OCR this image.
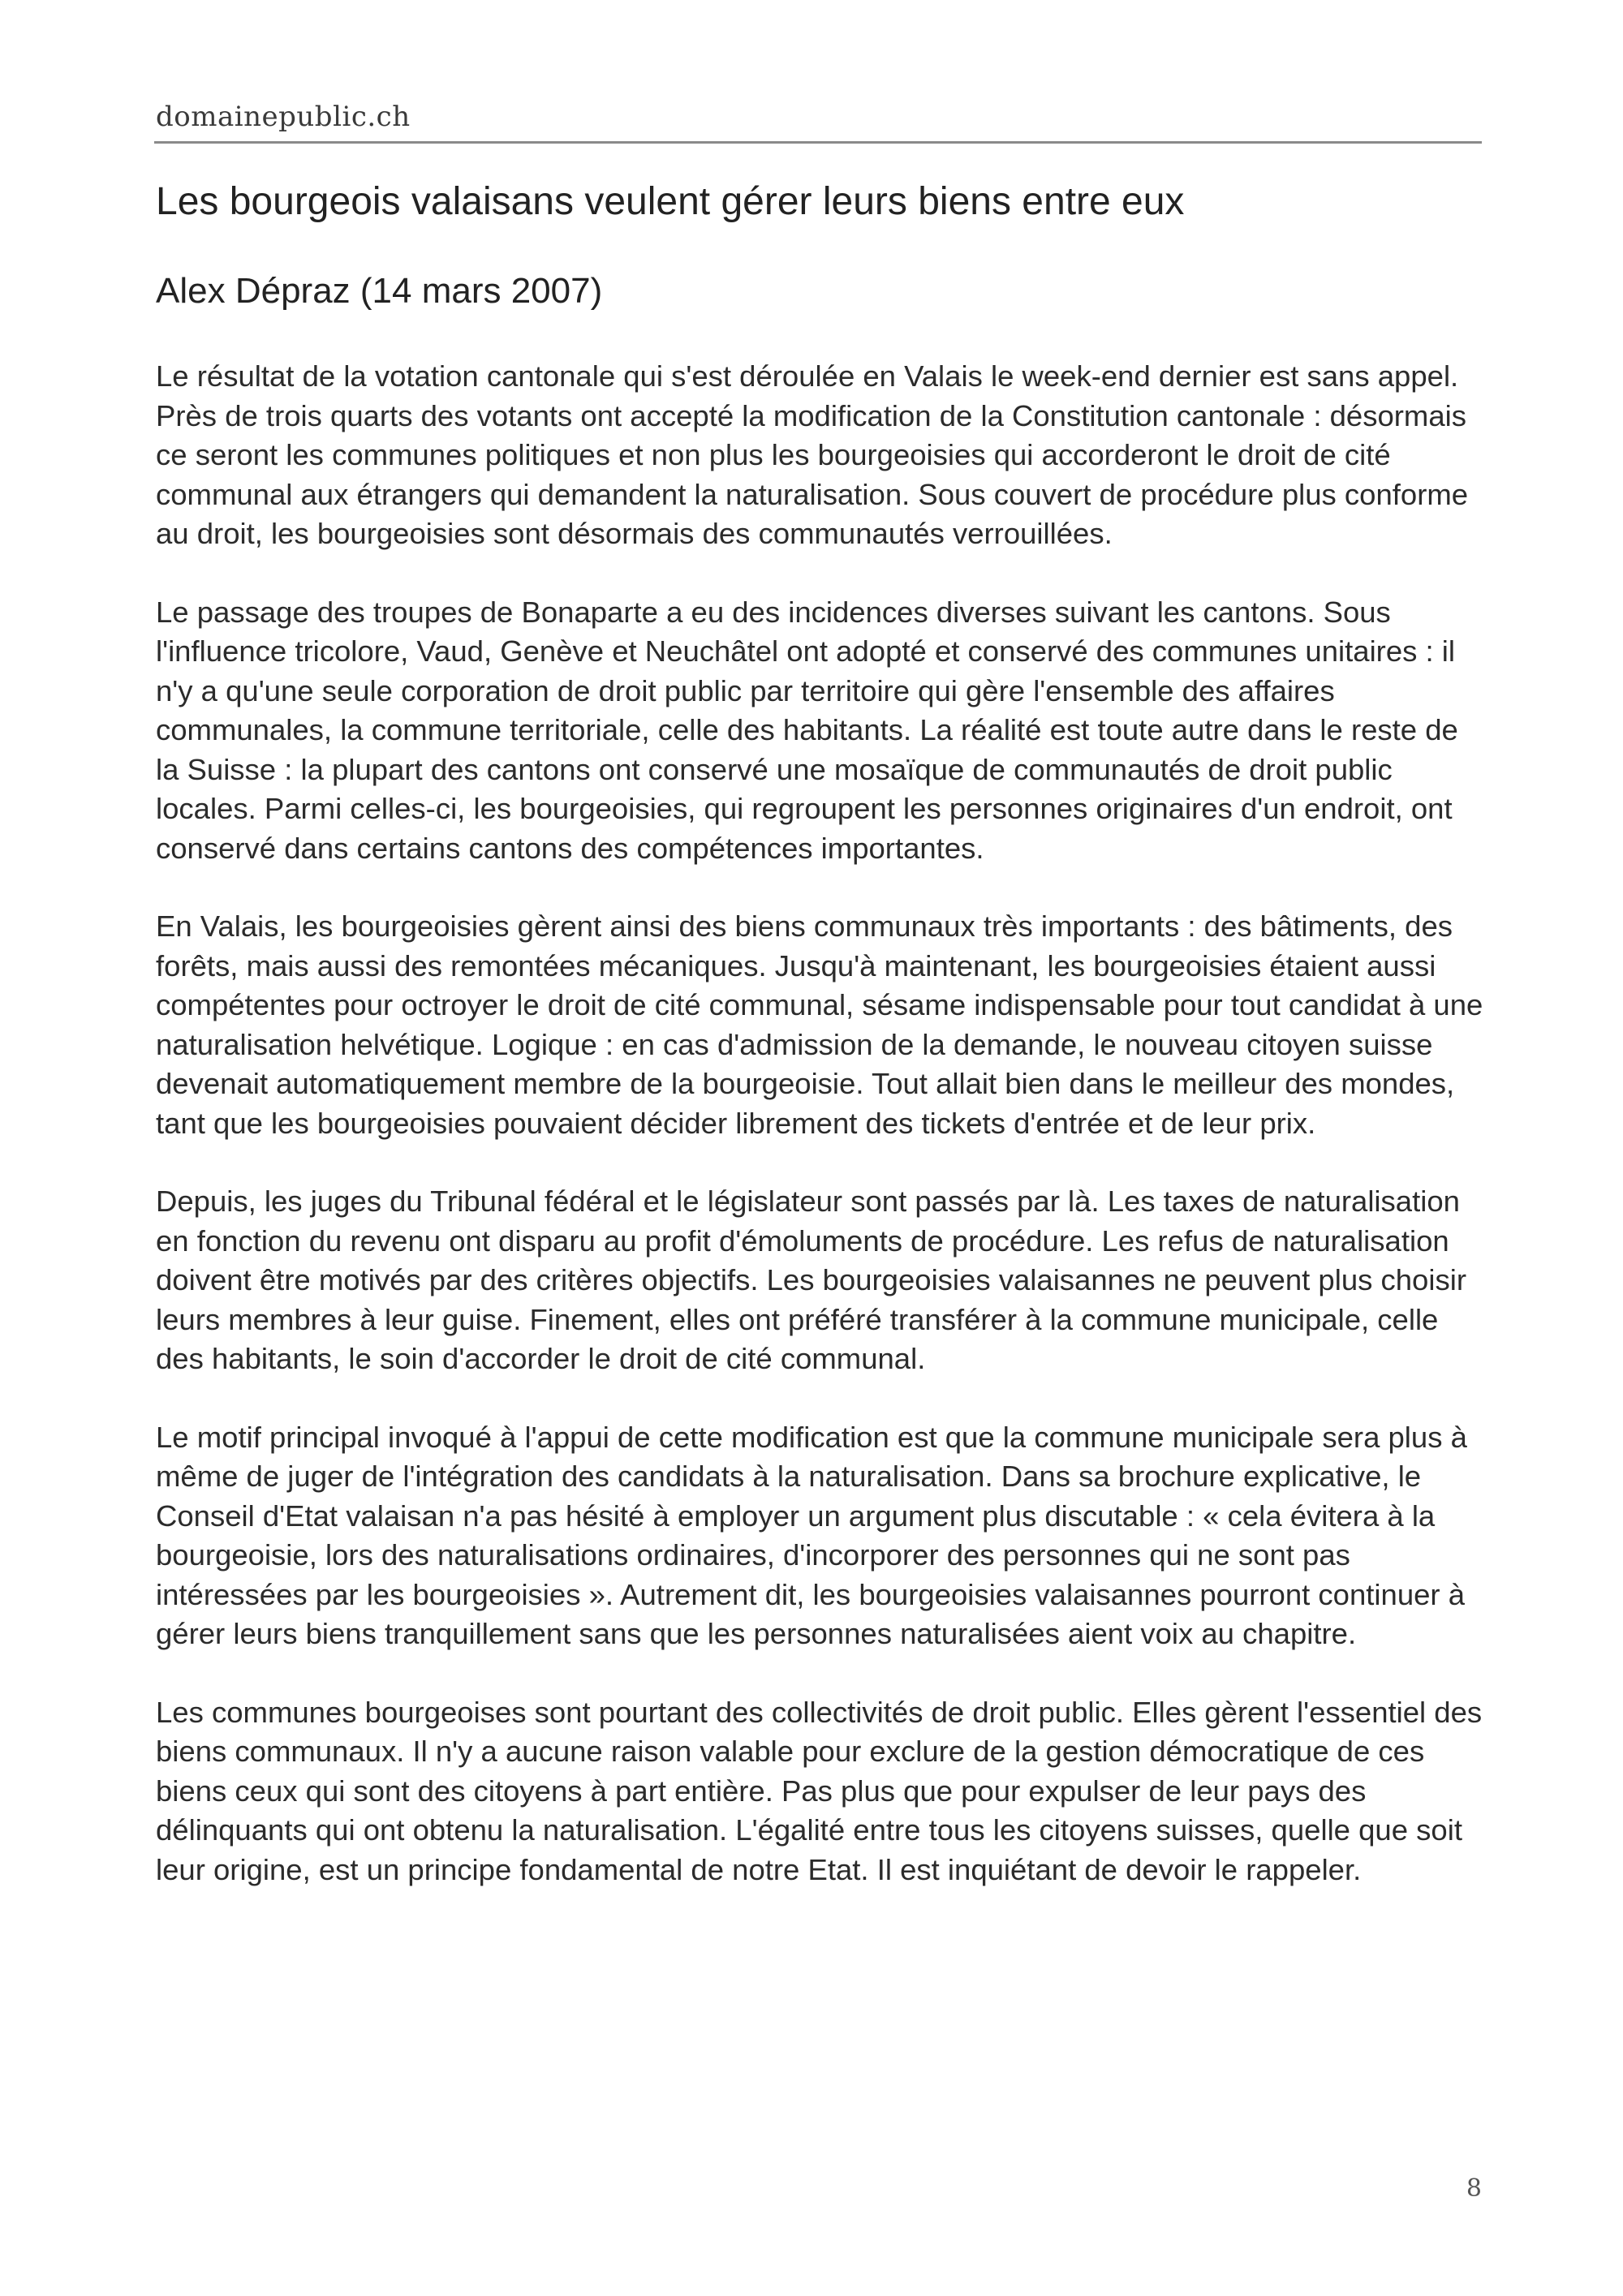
domainepublic.ch
Les bourgeois valaisans veulent gérer leurs biens entre eux
Alex Dépraz (14 mars 2007)

Le résultat de la votation cantonale qui s'est déroulée en Valais le week-end dernier est sans appel. Près de trois quarts des votants ont accepté la modification de la Constitution cantonale : désormais ce seront les communes politiques et non plus les bourgeoisies qui accorderont le droit de cité communal aux étrangers qui demandent la naturalisation. Sous couvert de procédure plus conforme au droit, les bourgeoisies sont désormais des communautés verrouillées.

Le passage des troupes de Bonaparte a eu des incidences diverses suivant les cantons. Sous l'influence tricolore, Vaud, Genève et Neuchâtel ont adopté et conservé des communes unitaires : il n'y a qu'une seule corporation de droit public par territoire qui gère l'ensemble des affaires communales, la commune territoriale, celle des habitants. La réalité est toute autre dans le reste de la Suisse : la plupart des cantons ont conservé une mosaïque de communautés de droit public locales. Parmi celles-ci, les bourgeoisies, qui regroupent les personnes originaires d'un endroit, ont conservé dans certains cantons des compétences importantes.

En Valais, les bourgeoisies gèrent ainsi des biens communaux très importants : des bâtiments, des forêts, mais aussi des remontées mécaniques. Jusqu'à maintenant, les bourgeoisies étaient aussi compétentes pour octroyer le droit de cité communal, sésame indispensable pour tout candidat à une naturalisation helvétique. Logique : en cas d'admission de la demande, le nouveau citoyen suisse devenait automatiquement membre de la bourgeoisie. Tout allait bien dans le meilleur des mondes, tant que les bourgeoisies pouvaient décider librement des tickets d'entrée et de leur prix.

Depuis, les juges du Tribunal fédéral et le législateur sont passés par là. Les taxes de naturalisation en fonction du revenu ont disparu au profit d'émoluments de procédure. Les refus de naturalisation doivent être motivés par des critères objectifs. Les bourgeoisies valaisannes ne peuvent plus choisir leurs membres à leur guise. Finement, elles ont préféré transférer à la commune municipale, celle des habitants, le soin d'accorder le droit de cité communal.

Le motif principal invoqué à l'appui de cette modification est que la commune municipale sera plus à même de juger de l'intégration des candidats à la naturalisation. Dans sa brochure explicative, le Conseil d'Etat valaisan n'a pas hésité à employer un argument plus discutable : « cela évitera à la bourgeoisie, lors des naturalisations ordinaires, d'incorporer des personnes qui ne sont pas intéressées par les bourgeoisies ». Autrement dit, les bourgeoisies valaisannes pourront continuer à gérer leurs biens tranquillement sans que les personnes naturalisées aient voix au chapitre.

Les communes bourgeoises sont pourtant des collectivités de droit public. Elles gèrent l'essentiel des biens communaux. Il n'y a aucune raison valable pour exclure de la gestion démocratique de ces biens ceux qui sont des citoyens à part entière. Pas plus que pour expulser de leur pays des délinquants qui ont obtenu la naturalisation. L'égalité entre tous les citoyens suisses, quelle que soit leur origine, est un principe fondamental de notre Etat. Il est inquiétant de devoir le rappeler.

8
